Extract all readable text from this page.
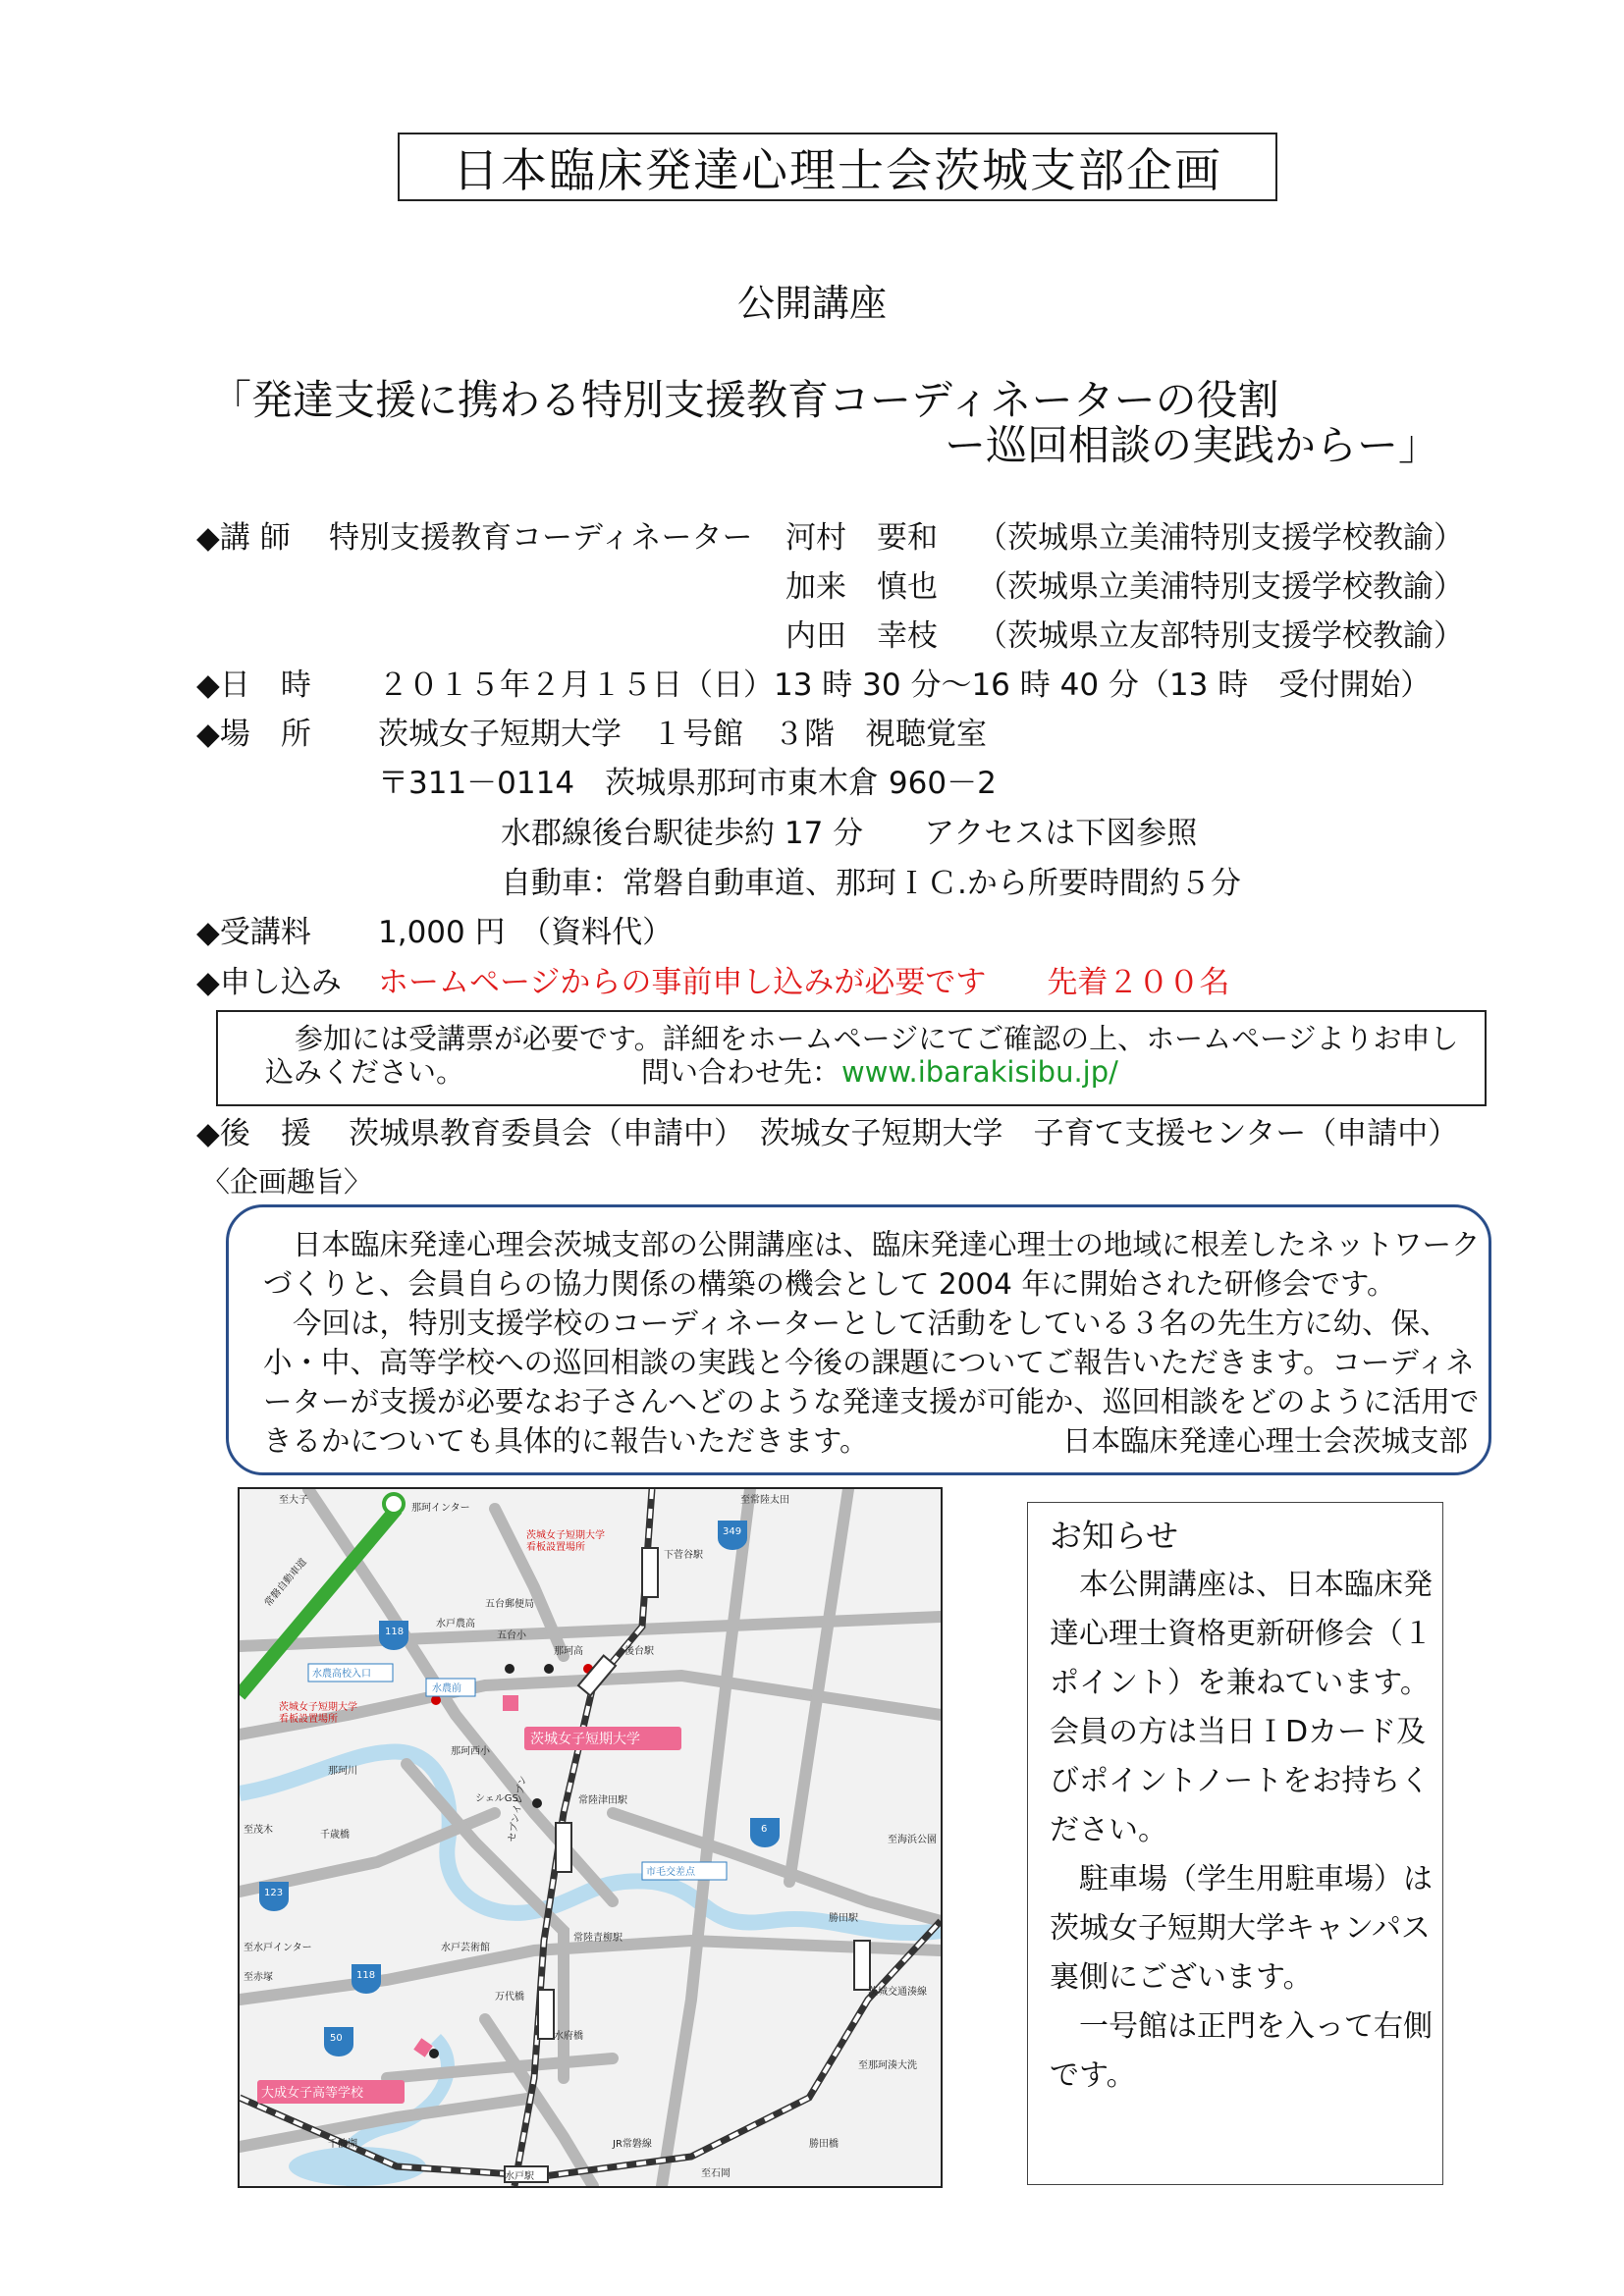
日本臨床発達心理士会茨城支部企画
公開講座
「発達支援に携わる特別支援教育コーディネーターの役割
ー巡回相談の実践からー」
◆講 師 特別支援教育コーディネーター 河村　要和 （茨城県立美浦特別支援学校教諭）
加来　慎也 （茨城県立美浦特別支援学校教諭）
内田　幸枝 （茨城県立友部特別支援学校教諭）
◆日　時 ２０１５年２月１５日（日）13 時 30 分～16 時 40 分（13 時　受付開始）
◆場　所 茨城女子短期大学　１号館　３階　視聴覚室
〒311－0114　茨城県那珂市東木倉 960－2
水郡線後台駅徒歩約 17 分　　アクセスは下図参照
自動車：常磐自動車道、那珂ＩＣ.から所要時間約５分
◆受講料 1,000 円　（資料代）
◆申し込み ホームページからの事前申し込みが必要です　　先着２００名
参加には受講票が必要です。詳細をホームページにてご確認の上、ホームページよりお申し
込みください。	問い合わせ先： www.ibarakisibu.jp/
◆後　援 茨城県教育委員会（申請中）　茨城女子短期大学　子育て支援センター（申請中）
〈企画趣旨〉
日本臨床発達心理会茨城支部の公開講座は、臨床発達心理士の地域に根差したネットワーク
づくりと、会員自らの協力関係の構築の機会として 2004 年に開始された研修会です。
今回は，特別支援学校のコーディネーターとして活動をしている３名の先生方に幼、保、
小・中、高等学校への巡回相談の実践と今後の課題についてご報告いただきます。コーディネ
ーターが支援が必要なお子さんへどのような発達支援が可能か、巡回相談をどのように活用で
きるかについても具体的に報告いただきます。	日本臨床発達心理士会茨城支部
至大子
那珂インター
至常陸太田
常磐自動車道
茨城女子短期大学
看板設置場所
下菅谷駅
349
五台郵便局
水戸農高
五台小
那珂高
118
水農高校入口
水農前
後台駅
茨城女子短期大学
看板設置場所
茨城女子短期大学
那珂西小
那珂川
シェルGS
6
至茂木	千歳橋
123
セブンイレブン	常陸津田駅
市毛交差点
至海浜公園
勝田駅
至水戸インター
118
水戸芸術館
至赤塚
50
万代橋
常陸青柳駅
水府橋
茨城交通湊線
大成女子高等学校
至那珂湊大洗
千波湖
水戸駅
JR常磐線
至石岡
勝田橋
お知らせ
本公開講座は、日本臨床発
達心理士資格更新研修会（１
ポイント）を兼ねています。
会員の方は当日ＩDカード及
びポイントノートをお持ちく
ださい。
駐車場（学生用駐車場）は
茨城女子短期大学キャンパス
裏側にございます。
一号館は正門を入って右側
です。
